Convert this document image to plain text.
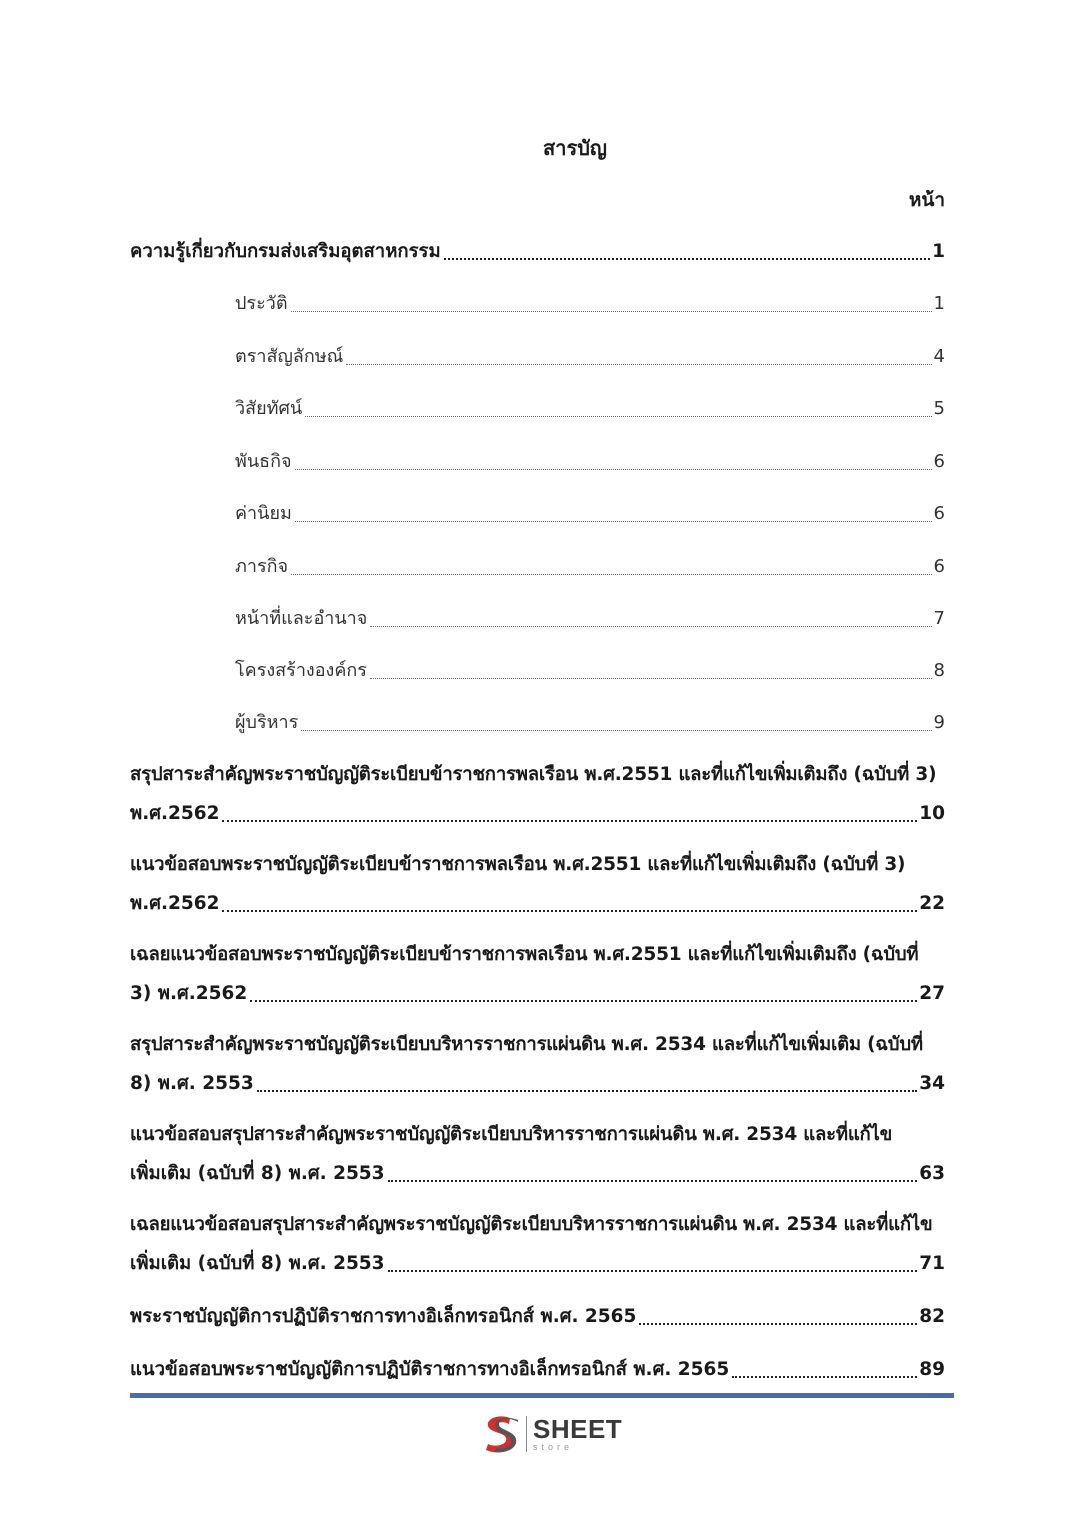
สารบัญ
หน้า
ความรู้เกี่ยวกับกรมส่งเสริมอุตสาหกรรม	1
ประวัติ	1
ตราสัญลักษณ์	4
วิสัยทัศน์	5
พันธกิจ	6
ค่านิยม	6
ภารกิจ	6
หน้าที่และอำนาจ	7
โครงสร้างองค์กร	8
ผู้บริหาร	9
สรุปสาระสำคัญพระราชบัญญัติระเบียบข้าราชการพลเรือน พ.ศ.2551 และที่แก้ไขเพิ่มเติมถึง (ฉบับที่ 3)
พ.ศ.2562	10
แนวข้อสอบพระราชบัญญัติระเบียบข้าราชการพลเรือน พ.ศ.2551 และที่แก้ไขเพิ่มเติมถึง (ฉบับที่ 3)
พ.ศ.2562	22
เฉลยแนวข้อสอบพระราชบัญญัติระเบียบข้าราชการพลเรือน พ.ศ.2551 และที่แก้ไขเพิ่มเติมถึง (ฉบับที่
3) พ.ศ.2562	27
สรุปสาระสำคัญพระราชบัญญัติระเบียบบริหารราชการแผ่นดิน พ.ศ. 2534 และที่แก้ไขเพิ่มเติม (ฉบับที่
8) พ.ศ. 2553	34
แนวข้อสอบสรุปสาระสำคัญพระราชบัญญัติระเบียบบริหารราชการแผ่นดิน พ.ศ. 2534 และที่แก้ไข
เพิ่มเติม (ฉบับที่ 8) พ.ศ. 2553	63
เฉลยแนวข้อสอบสรุปสาระสำคัญพระราชบัญญัติระเบียบบริหารราชการแผ่นดิน พ.ศ. 2534 และที่แก้ไข
เพิ่มเติม (ฉบับที่ 8) พ.ศ. 2553	71
พระราชบัญญัติการปฏิบัติราชการทางอิเล็กทรอนิกส์ พ.ศ. 2565	82
แนวข้อสอบพระราชบัญญัติการปฏิบัติราชการทางอิเล็กทรอนิกส์ พ.ศ. 2565	89
SHEET
store
